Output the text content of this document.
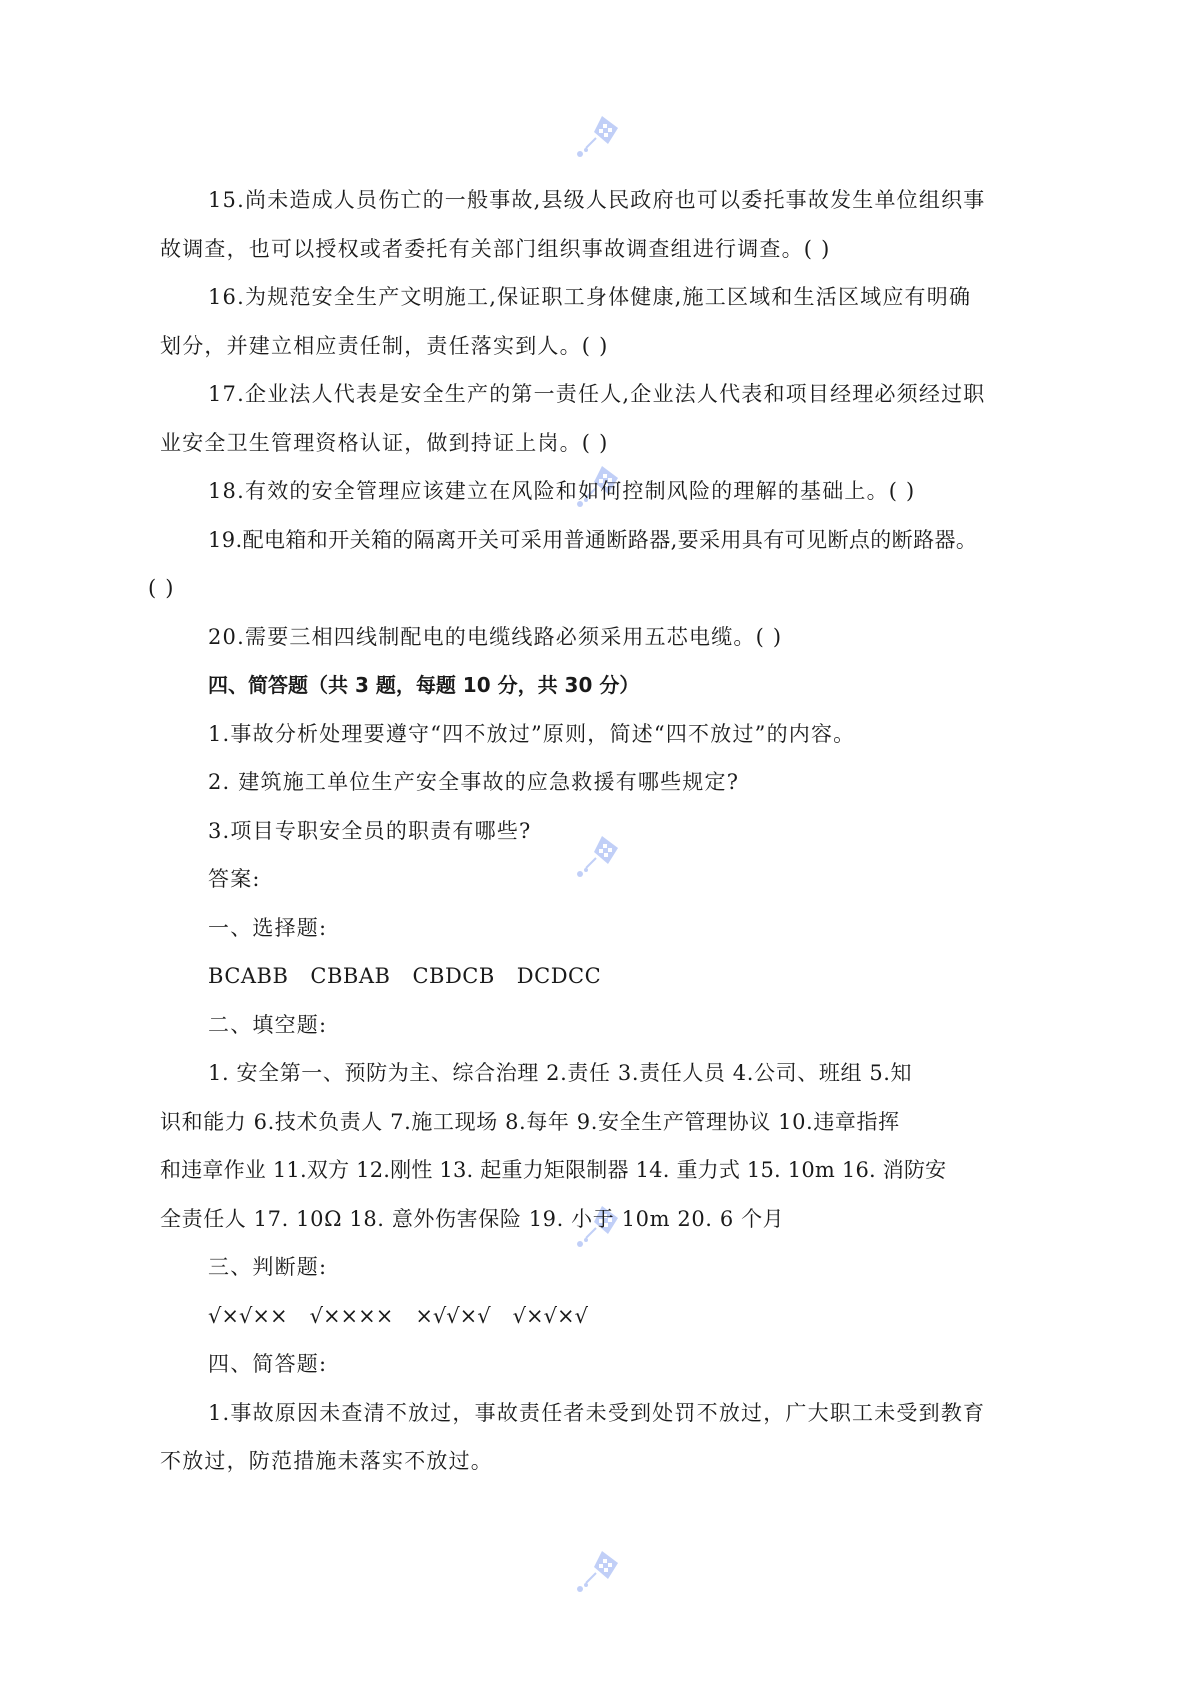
15.尚未造成人员伤亡的一般事故,县级人民政府也可以委托事故发生单位组织事
故调查，也可以授权或者委托有关部门组织事故调查组进行调查。( )
16.为规范安全生产文明施工,保证职工身体健康,施工区域和生活区域应有明确
划分，并建立相应责任制，责任落实到人。( )
17.企业法人代表是安全生产的第一责任人,企业法人代表和项目经理必须经过职
业安全卫生管理资格认证，做到持证上岗。( )
18.有效的安全管理应该建立在风险和如何控制风险的理解的基础上。( )
19.配电箱和开关箱的隔离开关可采用普通断路器,要采用具有可见断点的断路器。
( )
20.需要三相四线制配电的电缆线路必须采用五芯电缆。( )
四、简答题（共 3 题，每题 10 分，共 30 分）
1.事故分析处理要遵守“四不放过”原则，简述“四不放过”的内容。
2. 建筑施工单位生产安全事故的应急救援有哪些规定?
3.项目专职安全员的职责有哪些?
答案:
一、选择题:
BCABB CBBAB CBDCB DCDCC
二、填空题:
1. 安全第一、预防为主、综合治理 2.责任 3.责任人员 4.公司、班组 5.知
识和能力 6.技术负责人 7.施工现场 8.每年 9.安全生产管理协议 10.违章指挥
和违章作业 11.双方 12.刚性 13. 起重力矩限制器 14. 重力式 15. 10m 16. 消防安
全责任人 17. 10Ω 18. 意外伤害保险 19. 小于 10m 20. 6 个月
三、判断题:
√×√×× √×××× ×√√×√ √×√×√
四、简答题:
1.事故原因未查清不放过，事故责任者未受到处罚不放过，广大职工未受到教育
不放过，防范措施未落实不放过。
